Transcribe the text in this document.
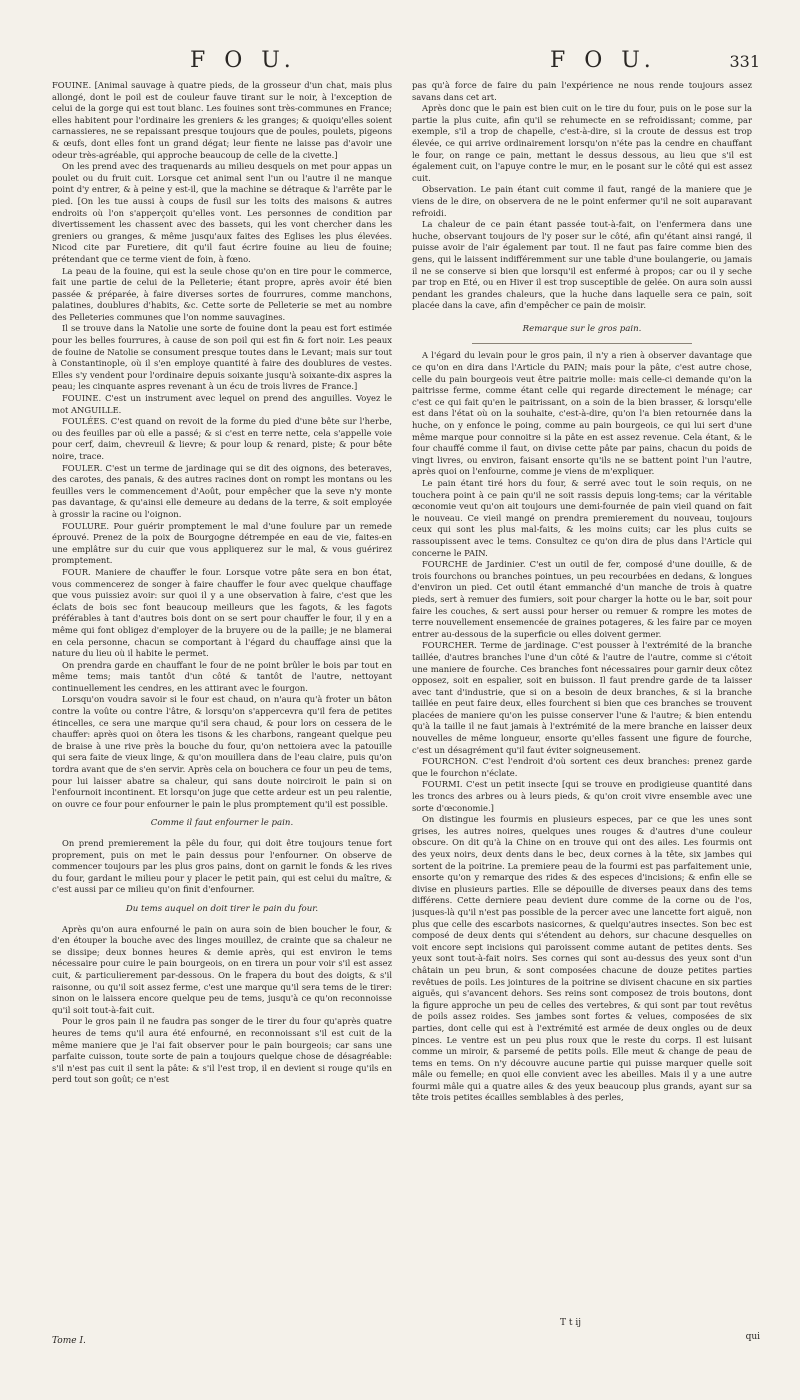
F O U.	F O U.	331

FOUINE. [Animal sauvage à quatre pieds, de la grosseur d'un chat, mais plus allongé, dont le poil est de couleur fauve tirant sur le noir, à l'exception de celui de la gorge qui est tout blanc. Les fouines sont très-communes en France; elles habitent pour l'ordinaire les greniers & les granges; & quoiqu'elles soient carnassieres, ne se repaissant presque toujours que de poules, poulets, pigeons & œufs, dont elles font un grand dégat; leur fiente ne laisse pas d'avoir une odeur très-agréable, qui approche beaucoup de celle de la civette.]

On les prend avec des traquenards au milieu desquels on met pour appas un poulet ou du fruit cuit. Lorsque cet animal sent l'un ou l'autre il ne manque point d'y entrer, & à peine y est-il, que la machine se détraque & l'arrête par le pied. [On les tue aussi à coups de fusil sur les toits des maisons & autres endroits où l'on s'apperçoit qu'elles vont. Les personnes de condition par divertissement les chassent avec des bassets, qui les vont chercher dans les greniers ou granges, & même jusqu'aux faites des Eglises les plus élevées. Nicod cite par Furetiere, dit qu'il faut écrire fouine au lieu de fouine; prétendant que ce terme vient de foin, à fœno.

La peau de la fouine, qui est la seule chose qu'on en tire pour le commerce, fait une partie de celui de la Pelleterie; étant propre, après avoir été bien passée & préparée, à faire diverses sortes de fourrures, comme manchons, palatines, doublures d'habits, &c. Cette sorte de Pelleterie se met au nombre des Pelleteries communes que l'on nomme sauvagines.

Il se trouve dans la Natolie une sorte de fouine dont la peau est fort estimée pour les belles fourrures, à cause de son poil qui est fin & fort noir. Les peaux de fouine de Natolie se consument presque toutes dans le Levant; mais sur tout à Constantinople, où il s'en employe quantité à faire des doublures de vestes. Elles s'y vendent pour l'ordinaire depuis soixante jusqu'à soixante-dix aspres la peau; les cinquante aspres revenant à un écu de trois livres de France.]

FOUINE. C'est un instrument avec lequel on prend des anguilles. Voyez le mot ANGUILLE.

FOULÉES. C'est quand on revoit de la forme du pied d'une bête sur l'herbe, ou des feuilles par où elle a passé; & si c'est en terre nette, cela s'appelle voie pour cerf, daim, chevreuil & lievre; & pour loup & renard, piste; & pour bête noire, trace.

FOULER. C'est un terme de jardinage qui se dit des oignons, des beteraves, des carotes, des panais, & des autres racines dont on rompt les montans ou les feuilles vers le commencement d'Août, pour empêcher que la seve n'y monte pas davantage, & qu'ainsi elle demeure au dedans de la terre, & soit employée à grossir la racine ou l'oignon.

FOULURE. Pour guérir promptement le mal d'une foulure par un remede éprouvé. Prenez de la poix de Bourgogne détrempée en eau de vie, faites-en une emplâtre sur du cuir que vous appliquerez sur le mal, & vous guérirez promptement.

FOUR. Maniere de chauffer le four. Lorsque votre pâte sera en bon état, vous commencerez de songer à faire chauffer le four avec quelque chauffage que vous puissiez avoir: sur quoi il y a une observation à faire, c'est que les éclats de bois sec font beaucoup meilleurs que les fagots, & les fagots préférables à tant d'autres bois dont on se sert pour chauffer le four, il y en a même qui font obligez d'employer de la bruyere ou de la paille; je ne blamerai en cela personne, chacun se comportant à l'égard du chauffage ainsi que la nature du lieu où il habite le permet.

On prendra garde en chauffant le four de ne point brûler le bois par tout en même tems; mais tantôt d'un côté & tantôt de l'autre, nettoyant continuellement les cendres, en les attirant avec le fourgon.

Lorsqu'on voudra savoir si le four est chaud, on n'aura qu'à froter un bâton contre la voûte ou contre l'âtre, & lorsqu'on s'appercevra qu'il fera de petites étincelles, ce sera une marque qu'il sera chaud, & pour lors on cessera de le chauffer: après quoi on ôtera les tisons & les charbons, rangeant quelque peu de braise à une rive près la bouche du four, qu'on nettoiera avec la patouille qui sera faite de vieux linge, & qu'on mouillera dans de l'eau claire, puis qu'on tordra avant que de s'en servir. Après cela on bouchera ce four un peu de tems, pour lui laisser abatre sa chaleur, qui sans doute noirciroit le pain si on l'enfournoit incontinent. Et lorsqu'on juge que cette ardeur est un peu ralentie, on ouvre ce four pour enfourner le pain le plus promptement qu'il est possible.

Comme il faut enfourner le pain.

On prend premierement la pêle du four, qui doit être toujours tenue fort proprement, puis on met le pain dessus pour l'enfourner. On observe de commencer toujours par les plus gros pains, dont on garnit le fonds & les rives du four, gardant le milieu pour y placer le petit pain, qui est celui du maître, & c'est aussi par ce milieu qu'on finit d'enfourner.

Du tems auquel on doit tirer le pain du four.

Après qu'on aura enfourné le pain on aura soin de bien boucher le four, & d'en étouper la bouche avec des linges mouillez, de crainte que sa chaleur ne se dissipe; deux bonnes heures & demie après, qui est environ le tems nécessaire pour cuire le pain bourgeois, on en tirera un pour voir s'il est assez cuit, & particulierement par-dessous. On le frapera du bout des doigts, & s'il raisonne, ou qu'il soit assez ferme, c'est une marque qu'il sera tems de le tirer: sinon on le laissera encore quelque peu de tems, jusqu'à ce qu'on reconnoisse qu'il soit tout-à-fait cuit.

Pour le gros pain il ne faudra pas songer de le tirer du four qu'après quatre heures de tems qu'il aura été enfourné, en reconnoissant s'il est cuit de la même maniere que je l'ai fait observer pour le pain bourgeois; car sans une parfaite cuisson, toute sorte de pain a toujours quelque chose de désagréable: s'il n'est pas cuit il sent la pâte: & s'il l'est trop, il en devient si rouge qu'ils en perd tout son goût; ce n'est

pas qu'à force de faire du pain l'expérience ne nous rende toujours assez savans dans cet art.

Après donc que le pain est bien cuit on le tire du four, puis on le pose sur la partie la plus cuite, afin qu'il se rehumecte en se refroidissant; comme, par exemple, s'il a trop de chapelle, c'est-à-dire, si la croute de dessus est trop élevée, ce qui arrive ordinairement lorsqu'on n'éte pas la cendre en chauffant le four, on range ce pain, mettant le dessus dessous, au lieu que s'il est également cuit, on l'apuye contre le mur, en le posant sur le côté qui est assez cuit.

Observation. Le pain étant cuit comme il faut, rangé de la maniere que je viens de le dire, on observera de ne le point enfermer qu'il ne soit auparavant refroidi.

La chaleur de ce pain étant passée tout-à-fait, on l'enfermera dans une huche, observant toujours de l'y poser sur le côté, afin qu'étant ainsi rangé, il puisse avoir de l'air également par tout. Il ne faut pas faire comme bien des gens, qui le laissent indifféremment sur une table d'une boulangerie, ou jamais il ne se conserve si bien que lorsqu'il est enfermé à propos; car ou il y seche par trop en Eté, ou en Hiver il est trop susceptible de gelée. On aura soin aussi pendant les grandes chaleurs, que la huche dans laquelle sera ce pain, soit placée dans la cave, afin d'empêcher ce pain de moisir.

Remarque sur le gros pain.

A l'égard du levain pour le gros pain, il n'y a rien à observer davantage que ce qu'on en dira dans l'Article du PAIN; mais pour la pâte, c'est autre chose, celle du pain bourgeois veut être paitrie molle: mais celle-ci demande qu'on la paitrisse ferme, comme étant celle qui regarde directement le ménage; car c'est ce qui fait qu'en le paitrissant, on a soin de la bien brasser, & lorsqu'elle est dans l'état où on la souhaite, c'est-à-dire, qu'on l'a bien retournée dans la huche, on y enfonce le poing, comme au pain bourgeois, ce qui lui sert d'une même marque pour connoitre si la pâte en est assez revenue. Cela étant, & le four chauffé comme il faut, on divise cette pâte par pains, chacun du poids de vingt livres, ou environ, faisant ensorte qu'ils ne se battent point l'un l'autre, après quoi on l'enfourne, comme je viens de m'expliquer.

Le pain étant tiré hors du four, & serré avec tout le soin requis, on ne touchera point à ce pain qu'il ne soit rassis depuis long-tems; car la véritable œconomie veut qu'on ait toujours une demi-fournée de pain vieil quand on fait le nouveau. Ce vieil mangé on prendra premierement du nouveau, toujours ceux qui sont les plus mal-faits, & les moins cuits; car les plus cuits se rassoupissent avec le tems. Consultez ce qu'on dira de plus dans l'Article qui concerne le PAIN.

FOURCHE de Jardinier. C'est un outil de fer, composé d'une douille, & de trois fourchons ou branches pointues, un peu recourbées en dedans, & longues d'environ un pied. Cet outil étant emmanché d'un manche de trois à quatre pieds, sert à remuer des fumiers, soit pour charger la hotte ou le bar, soit pour faire les couches, & sert aussi pour herser ou remuer & rompre les motes de terre nouvellement ensemencée de graines potageres, & les faire par ce moyen entrer au-dessous de la superficie ou elles doivent germer.

FOURCHER. Terme de jardinage. C'est pousser à l'extrémité de la branche taillée, d'autres branches l'une d'un côté & l'autre de l'autre, comme si c'étoit une maniere de fourche. Ces branches font nécessaires pour garnir deux côtez opposez, soit en espalier, soit en buisson. Il faut prendre garde de ta laisser avec tant d'industrie, que si on a besoin de deux branches, & si la branche taillée en peut faire deux, elles fourchent si bien que ces branches se trouvent placées de maniere qu'on les puisse conserver l'une & l'autre; & bien entendu qu'à la taille il ne faut jamais à l'extrémité de la mere branche en laisser deux nouvelles de même longueur, ensorte qu'elles fassent une figure de fourche, c'est un désagrément qu'il faut éviter soigneusement.

FOURCHON. C'est l'endroit d'où sortent ces deux branches: prenez garde que le fourchon n'éclate.

FOURMI. C'est un petit insecte [qui se trouve en prodigieuse quantité dans les troncs des arbres ou à leurs pieds, & qu'on croit vivre ensemble avec une sorte d'œconomie.]

On distingue les fourmis en plusieurs especes, par ce que les unes sont grises, les autres noires, quelques unes rouges & d'autres d'une couleur obscure. On dit qu'à la Chine on en trouve qui ont des ailes. Les fourmis ont des yeux noirs, deux dents dans le bec, deux cornes à la tête, six jambes qui sortent de la poitrine. La premiere peau de la fourmi est pas parfaitement unie, ensorte qu'on y remarque des rides & des especes d'incisions; & enfin elle se divise en plusieurs parties. Elle se dépouille de diverses peaux dans des tems différens. Cette derniere peau devient dure comme de la corne ou de l'os, jusques-là qu'il n'est pas possible de la percer avec une lancette fort aiguë, non plus que celle des escarbots nasicornes, & quelqu'autres insectes. Son bec est composé de deux dents qui s'étendent au dehors, sur chacune desquelles on voit encore sept incisions qui paroissent comme autant de petites dents. Ses yeux sont tout-à-fait noirs. Ses cornes qui sont au-dessus des yeux sont d'un châtain un peu brun, & sont composées chacune de douze petites parties revêtues de poils. Les jointures de la poitrine se divisent chacune en six parties aiguës, qui s'avancent dehors. Ses reins sont composez de trois boutons, dont la figure approche un peu de celles des vertebres, & qui sont par tout revêtus de poils assez roides. Ses jambes sont fortes & velues, composées de six parties, dont celle qui est à l'extrémité est armée de deux ongles ou de deux pinces. Le ventre est un peu plus roux que le reste du corps. Il est luisant comme un miroir, & parsemé de petits poils. Elle meut & change de peau de tems en tems. On n'y découvre aucune partie qui puisse marquer quelle soit mâle ou femelle; en quoi elle convient avec les abeilles. Mais il y a une autre fourmi mâle qui a quatre ailes & des yeux beaucoup plus grands, ayant sur sa tête trois petites écailles semblables à des perles,

Tome I.
T t ij
qui
